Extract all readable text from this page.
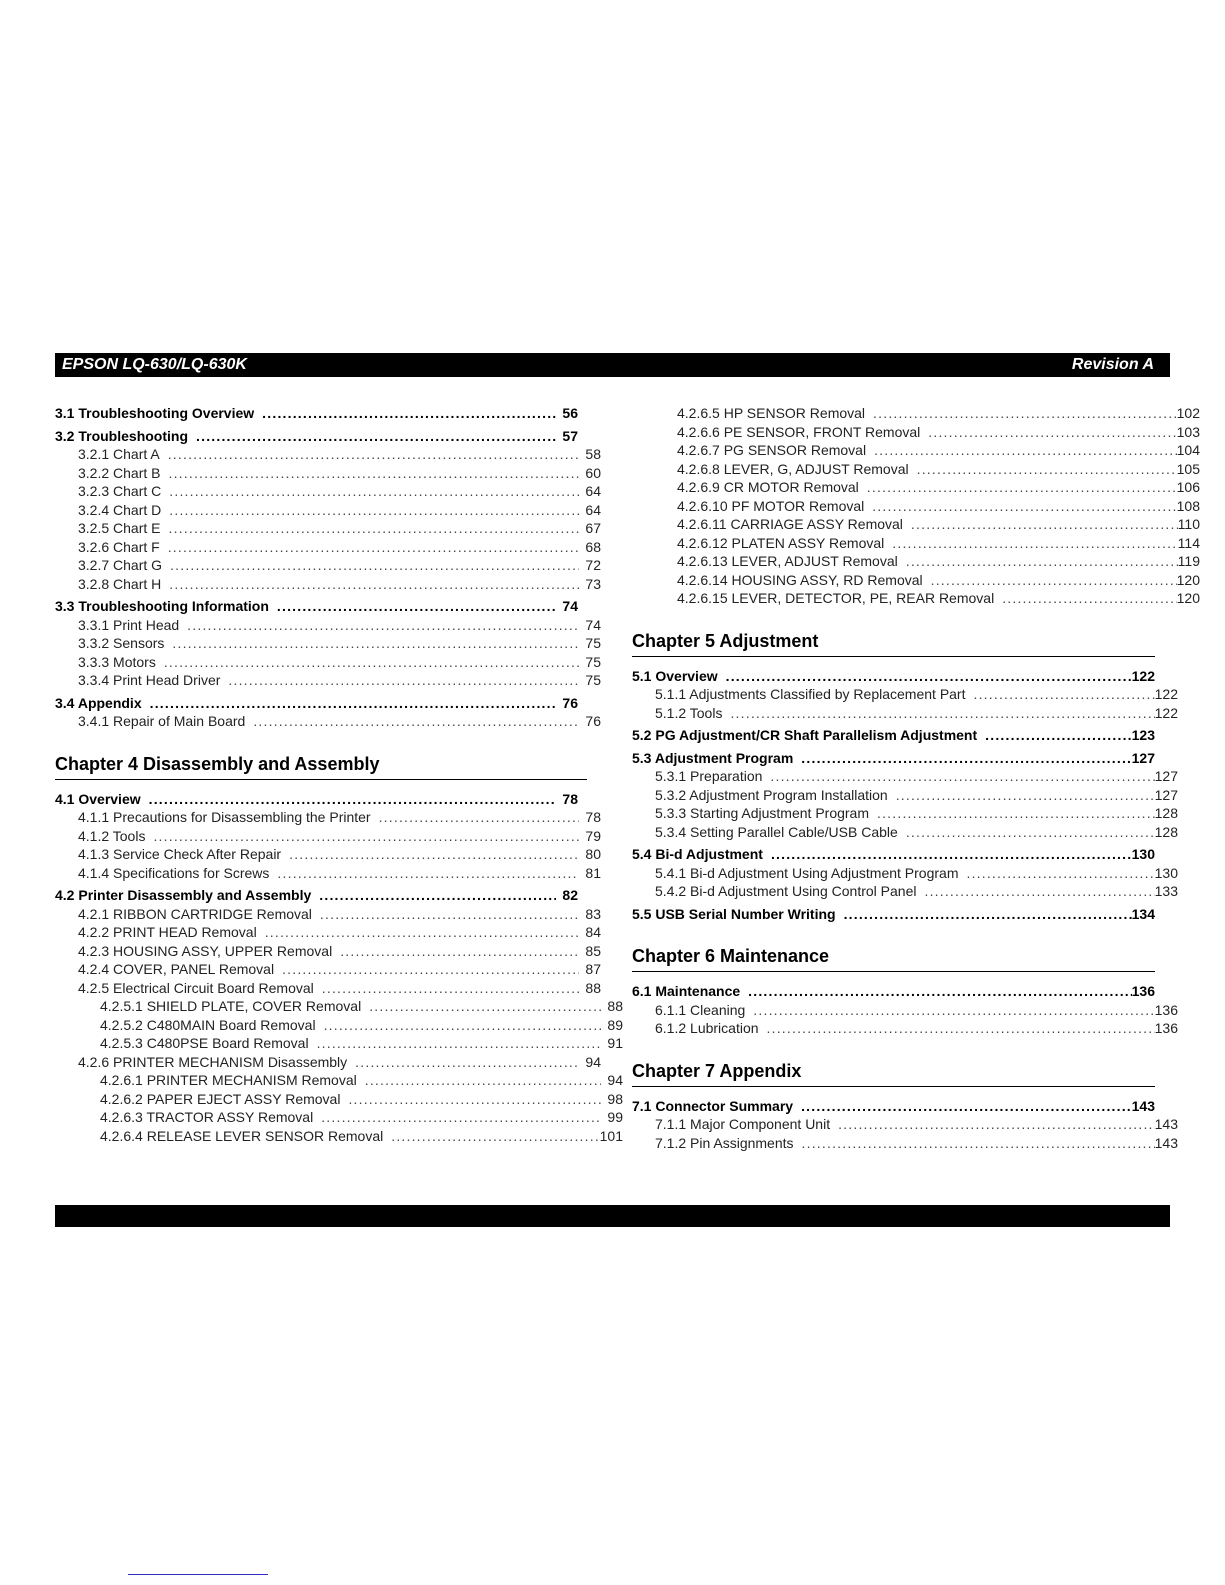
EPSON LQ-630/LQ-630K	Revision A
3.1 Troubleshooting Overview .....	56
3.2 Troubleshooting .....	57
3.2.1 Chart A .....	58
3.2.2 Chart B .....	60
3.2.3 Chart C .....	64
3.2.4 Chart D .....	64
3.2.5 Chart E .....	67
3.2.6 Chart F .....	68
3.2.7 Chart G .....	72
3.2.8 Chart H .....	73
3.3 Troubleshooting Information .....	74
3.3.1 Print Head .....	74
3.3.2 Sensors .....	75
3.3.3 Motors .....	75
3.3.4 Print Head Driver .....	75
3.4 Appendix .....	76
3.4.1 Repair of Main Board .....	76
Chapter 4 Disassembly and Assembly
4.1 Overview .....	78
4.1.1 Precautions for Disassembling the Printer .....	78
4.1.2 Tools .....	79
4.1.3 Service Check After Repair .....	80
4.1.4 Specifications for Screws .....	81
4.2 Printer Disassembly and Assembly .....	82
4.2.1 RIBBON CARTRIDGE Removal .....	83
4.2.2 PRINT HEAD Removal .....	84
4.2.3 HOUSING ASSY, UPPER Removal .....	85
4.2.4 COVER, PANEL Removal .....	87
4.2.5 Electrical Circuit Board Removal .....	88
4.2.5.1 SHIELD PLATE, COVER Removal .....	88
4.2.5.2 C480MAIN Board Removal .....	89
4.2.5.3 C480PSE Board Removal .....	91
4.2.6 PRINTER MECHANISM Disassembly .....	94
4.2.6.1 PRINTER MECHANISM Removal .....	94
4.2.6.2 PAPER EJECT ASSY Removal .....	98
4.2.6.3 TRACTOR ASSY Removal .....	99
4.2.6.4 RELEASE LEVER SENSOR Removal .....	101
4.2.6.5 HP SENSOR Removal .....	102
4.2.6.6 PE SENSOR, FRONT Removal .....	103
4.2.6.7 PG SENSOR Removal .....	104
4.2.6.8 LEVER, G, ADJUST Removal .....	105
4.2.6.9 CR MOTOR Removal .....	106
4.2.6.10 PF MOTOR Removal .....	108
4.2.6.11 CARRIAGE ASSY Removal .....	110
4.2.6.12 PLATEN ASSY Removal .....	114
4.2.6.13 LEVER, ADJUST Removal .....	119
4.2.6.14 HOUSING ASSY, RD Removal .....	120
4.2.6.15 LEVER, DETECTOR, PE, REAR Removal .....	120
Chapter 5 Adjustment
5.1 Overview .....	122
5.1.1 Adjustments Classified by Replacement Part .....	122
5.1.2 Tools .....	122
5.2 PG Adjustment/CR Shaft Parallelism Adjustment .....	123
5.3 Adjustment Program .....	127
5.3.1 Preparation .....	127
5.3.2 Adjustment Program Installation .....	127
5.3.3 Starting Adjustment Program .....	128
5.3.4 Setting Parallel Cable/USB Cable .....	128
5.4 Bi-d Adjustment .....	130
5.4.1 Bi-d Adjustment Using Adjustment Program .....	130
5.4.2 Bi-d Adjustment Using Control Panel .....	133
5.5 USB Serial Number Writing .....	134
Chapter 6 Maintenance
6.1 Maintenance .....	136
6.1.1 Cleaning .....	136
6.1.2 Lubrication .....	136
Chapter 7 Appendix
7.1 Connector Summary .....	143
7.1.1 Major Component Unit .....	143
7.1.2 Pin Assignments .....	143
